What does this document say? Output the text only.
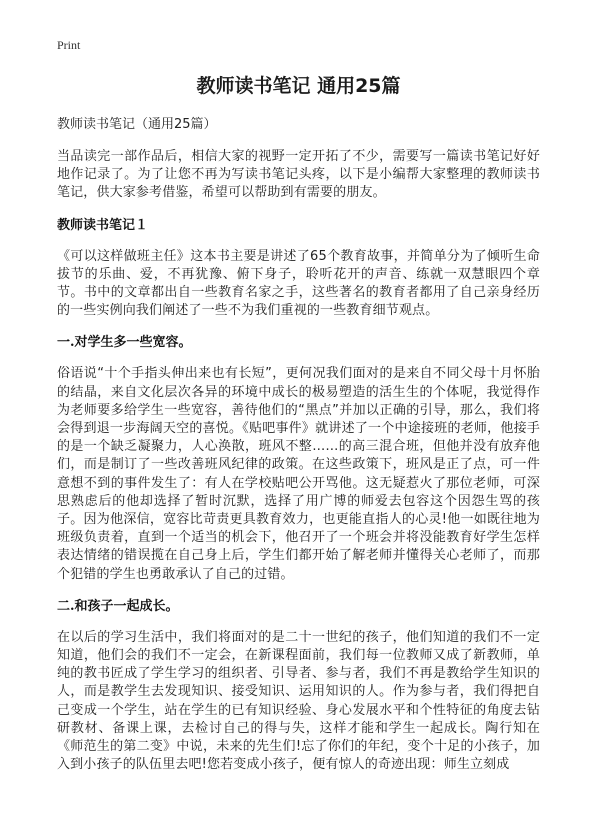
Print
教师读书笔记 通用25篇
教师读书笔记（通用25篇）

当品读完一部作品后，相信大家的视野一定开拓了不少，需要写一篇读书笔记好好地作记录了。为了让您不再为写读书笔记头疼，以下是小编帮大家整理的教师读书笔记，供大家参考借鉴，希望可以帮助到有需要的朋友。

教师读书笔记１

《可以这样做班主任》这本书主要是讲述了65个教育故事，并简单分为了倾听生命拔节的乐曲、爱，不再犹豫、俯下身子，聆听花开的声音、练就一双慧眼四个章节。书中的文章都出自一些教育名家之手，这些著名的教育者都用了自己亲身经历的一些实例向我们阐述了一些不为我们重视的一些教育细节观点。

一.对学生多一些宽容。

俗语说“十个手指头伸出来也有长短”，更何况我们面对的是来自不同父母十月怀胎的结晶，来自文化层次各异的环境中成长的极易塑造的活生生的个体呢，我觉得作为老师要多给学生一些宽容，善待他们的“黑点”并加以正确的引导，那么，我们将会得到退一步海阔天空的喜悦。《贴吧事件》就讲述了一个中途接班的老师，他接手的是一个缺乏凝聚力，人心涣散，班风不整……的高三混合班，但他并没有放弃他们，而是制订了一些改善班风纪律的政策。在这些政策下，班风是正了点，可一件意想不到的事件发生了：有人在学校贴吧公开骂他。这无疑惹火了那位老师，可深思熟虑后的他却选择了暂时沉默，选择了用广博的师爱去包容这个因怨生骂的孩子。因为他深信，宽容比苛责更具教育效力，也更能直指人的心灵!他一如既往地为班级负责着，直到一个适当的机会下，他召开了一个班会并将没能教育好学生怎样表达情绪的错误揽在自己身上后，学生们都开始了解老师并懂得关心老师了，而那个犯错的学生也勇敢承认了自己的过错。

二.和孩子一起成长。

在以后的学习生活中，我们将面对的是二十一世纪的孩子，他们知道的我们不一定知道，他们会的我们不一定会，在新课程面前，我们每一位教师又成了新教师，单纯的教书匠成了学生学习的组织者、引导者、参与者，我们不再是教给学生知识的人，而是教学生去发现知识、接受知识、运用知识的人。作为参与者，我们得把自己变成一个学生，站在学生的已有知识经验、身心发展水平和个性特征的角度去钻研教材、备课上课，去检讨自己的得与失，这样才能和学生一起成长。陶行知在《师范生的第二变》中说，未来的先生们!忘了你们的年纪，变个十足的小孩子，加入到小孩子的队伍里去吧!您若变成小孩子，便有惊人的奇迹出现：师生立刻成
